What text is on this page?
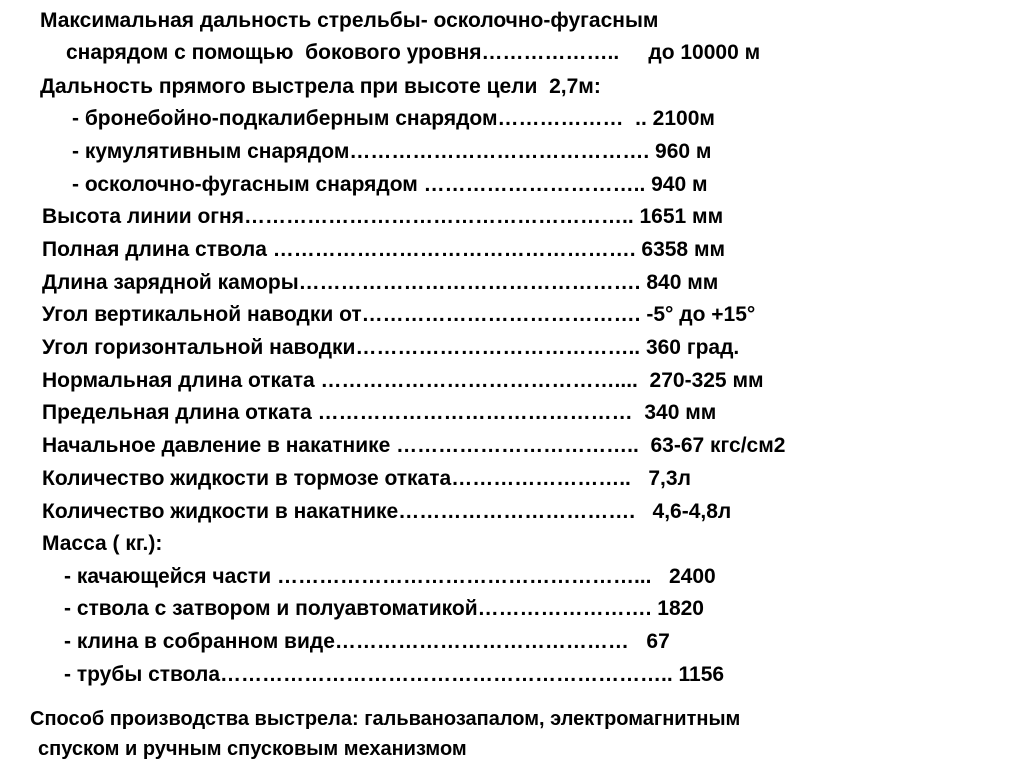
Максимальная дальность стрельбы- осколочно-фугасным

снарядом с помощью  бокового уровня………………..     до 10000 м

Дальность прямого выстрела при высоте цели  2,7м:

- бронебойно-подкалиберным снарядом………………  .. 2100м

- кумулятивным снарядом……………………………………. 960 м

- осколочно-фугасным снарядом ………………………….. 940 м

Высота линии огня……………………………………………….. 1651 мм

Полная длина ствола ……………………………………………. 6358 мм

Длина зарядной каморы…………………………………………. 840 мм

Угол вертикальной наводки от…………………………………. -5° до +15°

Угол горизонтальной наводки………………………………….. 360 град.

Нормальная длина отката ……………………………………....  270-325 мм

Предельная длина отката ………………………………………  340 мм

Начальное давление в накатнике ……………………………..  63-67 кгс/см2

Количество жидкости в тормозе отката……………………..   7,3л

Количество жидкости в накатнике…………………………….   4,6-4,8л

Масса ( кг.):

- качающейся части ……………………………………………...   2400

- ствола с затвором и полуавтоматикой……………………. 1820

- клина в собранном виде……………………………………   67

- трубы ствола……………………………………………………….. 1156

Способ производства выстрела: гальванозапалом, электромагнитным

спуском и ручным спусковым механизмом
